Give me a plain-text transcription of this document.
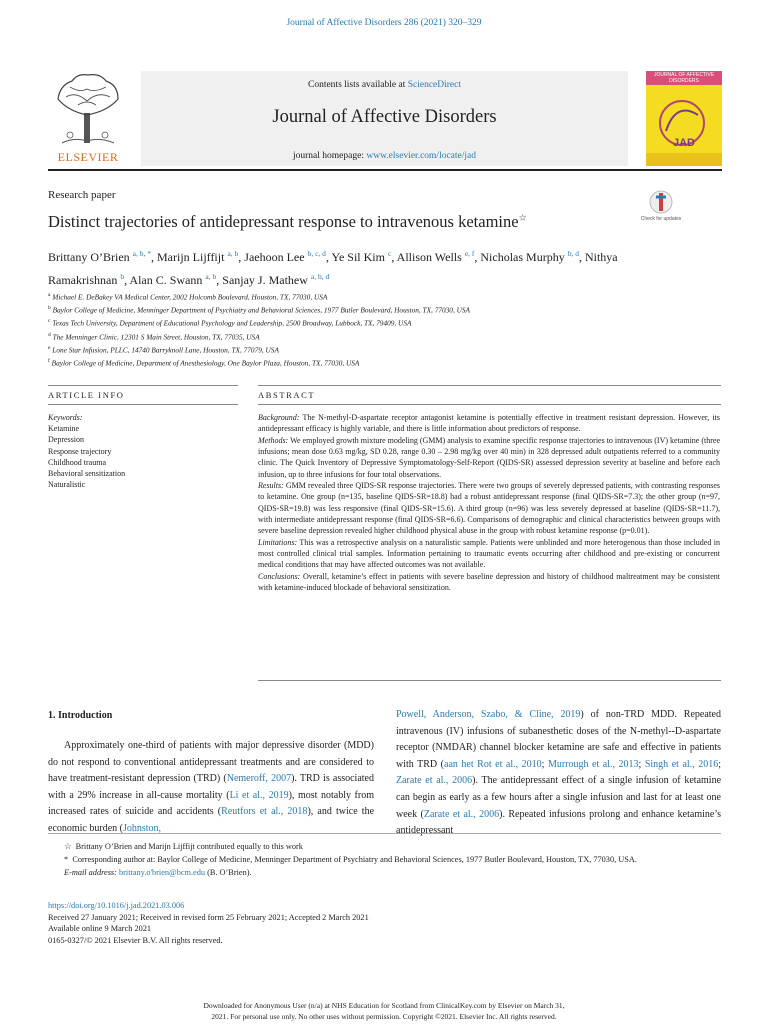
Journal of Affective Disorders 286 (2021) 320–329
ELSEVIER
Contents lists available at ScienceDirect
Journal of Affective Disorders
journal homepage: www.elsevier.com/locate/jad
JOURNAL OF AFFECTIVE DISORDERS
JAD
Research paper
Distinct trajectories of antidepressant response to intravenous ketamine☆	Check for updates
Brittany O’Brien $^{a, b, *}$, Marijn Lijffijt $^{a, b}$, Jaehoon Lee $^{b, c, d}$, Ye Sil Kim $^c$, Allison Wells $^{e, f}$, Nicholas Murphy $^{b, d}$, Nithya Ramakrishnan $^b$, Alan C. Swann $^{a, b}$, Sanjay J. Mathew $^{a, b, d}$
$^a$ Michael E. DeBakey VA Medical Center, 2002 Holcomb Boulevard, Houston, TX, 77030, USA
$^b$ Baylor College of Medicine, Menninger Department of Psychiatry and Behavioral Sciences, 1977 Butler Boulevard, Houston, TX, 77030, USA
$^c$ Texas Tech University, Department of Educational Psychology and Leadership, 2500 Broadway, Lubbock, TX, 79409, USA
$^d$ The Menninger Clinic, 12301 S Main Street, Houston, TX, 77035, USA
$^e$ Lone Star Infusion, PLLC, 14740 Barryknoll Lane, Houston, TX, 77079, USA
$^f$ Baylor College of Medicine, Department of Anesthesiology, One Baylor Plaza, Houston, TX, 77030, USA
ARTICLE INFO	ABSTRACT
Keywords:
Ketamine
Depression
Response trajectory
Childhood trauma
Behavioral sensitization
Naturalistic

Background: The N-methyl-D-aspartate receptor antagonist ketamine is potentially effective in treatment resistant depression. However, its antidepressant efficacy is highly variable, and there is little information about predictors of response.

Methods: We employed growth mixture modeling (GMM) analysis to examine specific response trajectories to intravenous (IV) ketamine (three infusions; mean dose 0.63 mg/kg, SD 0.28, range 0.30 – 2.98 mg/kg over 40 min) in 328 depressed adult outpatients referred to a community clinic. The Quick Inventory of Depressive Symptomatology-Self-Report (QIDS-SR) assessed depression severity at baseline and before each infusion, up to three infusions for four total observations.

Results: GMM revealed three QIDS-SR response trajectories. There were two groups of severely depressed patients, with contrasting responses to ketamine. One group (n=135, baseline QIDS-SR=18.8) had a robust antidepressant response (final QIDS-SR=7.3); the other group (n=97, QIDS-SR=19.8) was less responsive (final QIDS-SR=15.6). A third group (n=96) was less severely depressed at baseline (QIDS-SR=11.7), with intermediate antidepressant response (final QIDS-SR=6.6). Comparisons of demographic and clinical characteristics between groups with severe baseline depression revealed higher childhood physical abuse in the group with robust ketamine response (p=0.01).

Limitations: This was a retrospective analysis on a naturalistic sample. Patients were unblinded and more heterogenous than those included in most controlled clinical trial samples. Information pertaining to traumatic events occurring after childhood and pre-existing or concurrent medical conditions that may have affected outcomes was not available.

Conclusions: Overall, ketamine’s effect in patients with severe baseline depression and history of childhood maltreatment may be consistent with ketamine-induced blockade of behavioral sensitization.

1. Introduction

Approximately one-third of patients with major depressive disorder (MDD) do not respond to conventional antidepressant treatments and are considered to have treatment-resistant depression (TRD) (Nemeroff, 2007). TRD is associated with a 29% increase in all-cause mortality (Li et al., 2019), most notably from increased rates of suicide and accidents (Reutfors et al., 2018), and twice the economic burden (Johnston,

Powell, Anderson, Szabo, & Cline, 2019) of non-TRD MDD. Repeated intravenous (IV) infusions of subanesthetic doses of the N-methyl--D-aspartate receptor (NMDAR) channel blocker ketamine are safe and effective in patients with TRD (aan het Rot et al., 2010; Murrough et al., 2013; Singh et al., 2016; Zarate et al., 2006). The antidepressant effect of a single infusion of ketamine can begin as early as a few hours after a single infusion and last for at least one week (Zarate et al., 2006). Repeated infusions prolong and enhance ketamine’s antidepressant

☆ Brittany O’Brien and Marijn Lijffijt contributed equally to this work

* Corresponding author at: Baylor College of Medicine, Menninger Department of Psychiatry and Behavioral Sciences, 1977 Butler Boulevard, Houston, TX, 77030, USA.

E-mail address: brittany.o'brien@bcm.edu (B. O’Brien).

https://doi.org/10.1016/j.jad.2021.03.006
Received 27 January 2021; Received in revised form 25 February 2021; Accepted 2 March 2021
Available online 9 March 2021
0165-0327/© 2021 Elsevier B.V. All rights reserved.
Downloaded for Anonymous User (n/a) at NHS Education for Scotland from ClinicalKey.com by Elsevier on March 31,
2021. For personal use only. No other uses without permission. Copyright ©2021. Elsevier Inc. All rights reserved.
